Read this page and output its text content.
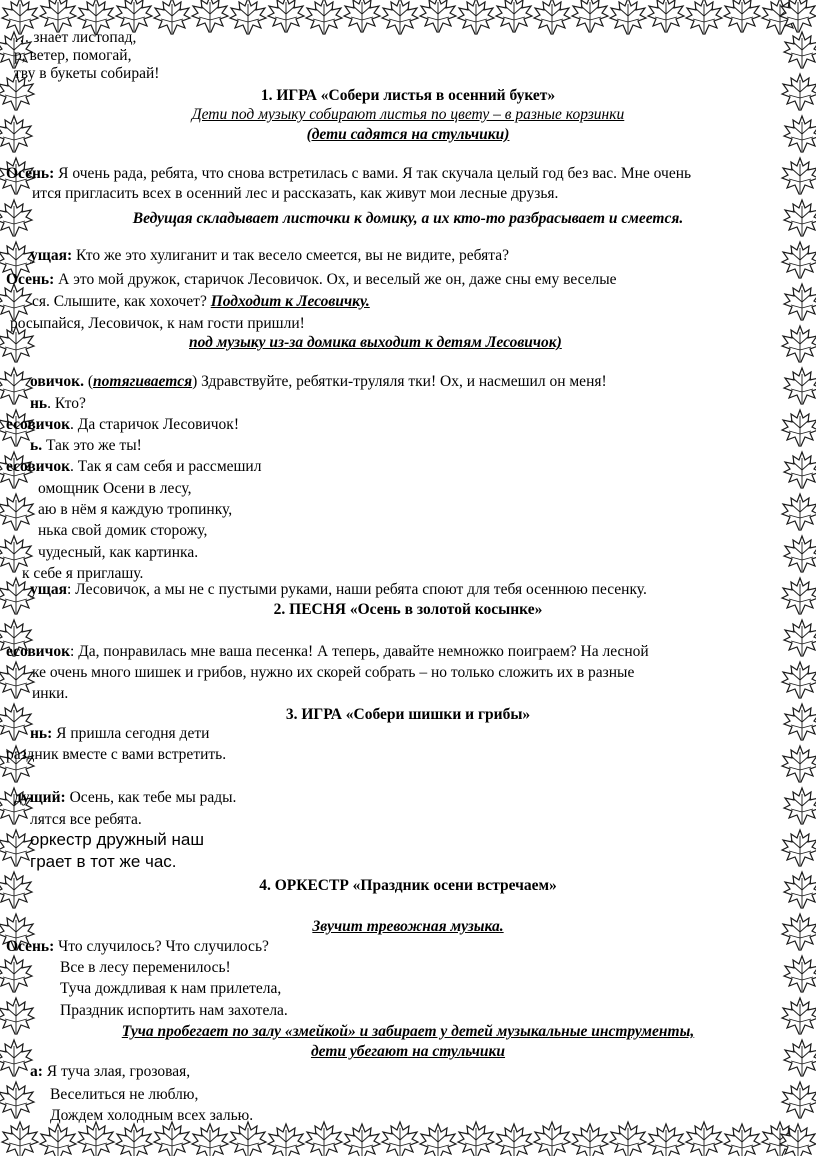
… знает листопад,
р, ветер, помогай,
тву в букеты собирай!
1. ИГРА «Собери листья в осенний букет»
Дети под музыку собирают листья по цвету – в разные корзинки
(дети садятся на стульчики)
Осень: Я очень рада, ребята, что снова встретилась с вами. Я так скучала целый год без вас. Мне очень
ится пригласить всех в осенний лес и рассказать, как живут мои лесные друзья.
Ведущая складывает листочки к домику, а их кто-то разбрасывает и смеется.
ущая: Кто же это хулиганит и так весело смеется, вы не видите, ребята?
Осень: А это мой дружок, старичок Лесовичок. Ох, и веселый же он, даже сны ему веселые
ся. Слышите, как хохочет? Подходит к Лесовичку.
росыпайся, Лесовичок, к нам гости пришли!
под музыку из-за домика выходит к детям Лесовичок)
овичок. (потягивается) Здравствуйте, ребятки-труляля тки! Ох, и насмешил он меня!
нь. Кто?
есовичок. Да старичок Лесовичок!
ь. Так это же ты!
есовичок. Так я сам себя и рассмешил
омощник Осени в лесу,
аю в нём я каждую тропинку,
нька свой домик сторожу,
чудесный, как картинка.
к себе я приглашу.
ущая: Лесовичок, а мы не с пустыми руками, наши ребята споют для тебя осеннюю песенку.
2. ПЕСНЯ «Осень в золотой косынке»
есовичок: Да, понравилась мне ваша песенка! А теперь, давайте немножко поиграем? На лесной
ке очень много шишек и грибов, нужно их скорей собрать – но только сложить их в разные
инки.
3. ИГРА «Собери шишки и грибы»
нь: Я пришла сегодня дети
раздник вместе с вами встретить.
дущий: Осень, как тебе мы рады.
лятся все ребята.
оркестр дружный наш
грает в тот же час.
4. ОРКЕСТР «Праздник осени встречаем»
Звучит тревожная музыка.
Осень: Что случилось? Что случилось?
Все в лесу переменилось!
Туча дождливая к нам прилетела,
Праздник испортить нам захотела.
Туча пробегает по залу «змейкой» и забирает у детей музыкальные инструменты,
дети убегают на стульчики
а: Я туча злая, грозовая,
Веселиться не люблю,
Дождем холодным всех залью.
